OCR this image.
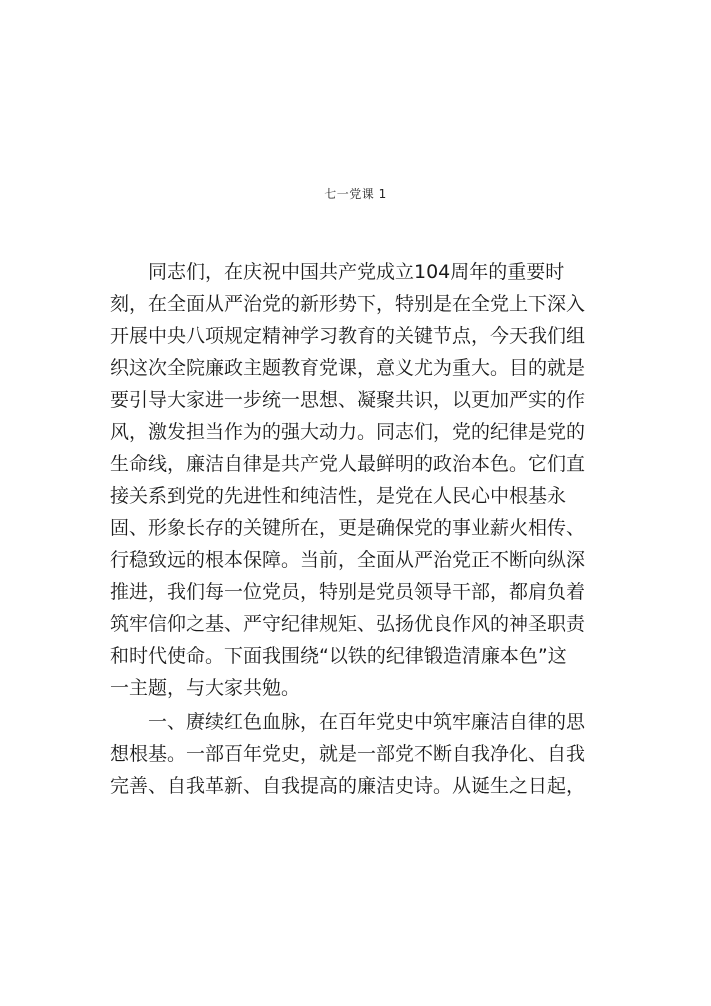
七一党课 1
同志们，在庆祝中国共产党成立104周年的重要时
刻，在全面从严治党的新形势下，特别是在全党上下深入
开展中央八项规定精神学习教育的关键节点，今天我们组
织这次全院廉政主题教育党课，意义尤为重大。目的就是
要引导大家进一步统一思想、凝聚共识，以更加严实的作
风，激发担当作为的强大动力。同志们，党的纪律是党的
生命线，廉洁自律是共产党人最鲜明的政治本色。它们直
接关系到党的先进性和纯洁性，是党在人民心中根基永
固、形象长存的关键所在，更是确保党的事业薪火相传、
行稳致远的根本保障。当前，全面从严治党正不断向纵深
推进，我们每一位党员，特别是党员领导干部，都肩负着
筑牢信仰之基、严守纪律规矩、弘扬优良作风的神圣职责
和时代使命。下面我围绕“以铁的纪律锻造清廉本色”这
一主题，与大家共勉。
一、赓续红色血脉，在百年党史中筑牢廉洁自律的思
想根基。一部百年党史，就是一部党不断自我净化、自我
完善、自我革新、自我提高的廉洁史诗。从诞生之日起，
